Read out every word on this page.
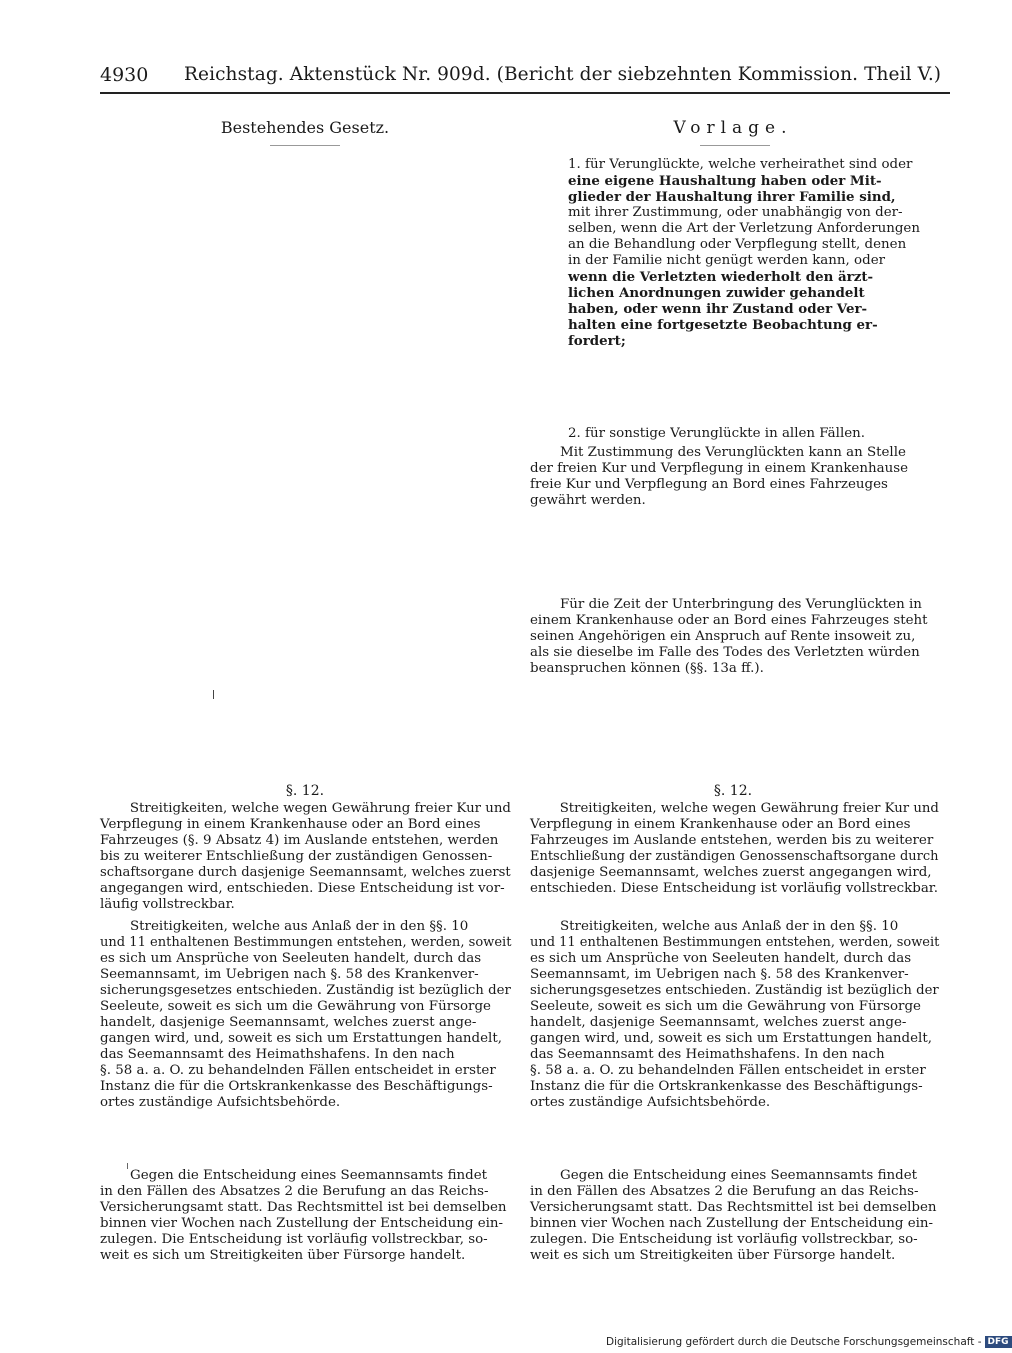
4930 Reichstag. Aktenstück Nr. 909d. (Bericht der siebzehnten Kommission. Theil V.)
Bestehendes Gesetz.	Vorlage.
1. für Verunglückte, welche verheirathet sind oder
eine eigene Haushaltung haben oder Mit-
glieder der Haushaltung ihrer Familie sind,
mit ihrer Zustimmung, oder unabhängig von der-
selben, wenn die Art der Verletzung Anforderungen
an die Behandlung oder Verpflegung stellt, denen
in der Familie nicht genügt werden kann, oder
wenn die Verletzten wiederholt den ärzt-
lichen Anordnungen zuwider gehandelt
haben, oder wenn ihr Zustand oder Ver-
halten eine fortgesetzte Beobachtung er-
fordert;
2. für sonstige Verunglückte in allen Fällen.
Mit Zustimmung des Verunglückten kann an Stelle
der freien Kur und Verpflegung in einem Krankenhause
freie Kur und Verpflegung an Bord eines Fahrzeuges
gewährt werden.
Für die Zeit der Unterbringung des Verunglückten in
einem Krankenhause oder an Bord eines Fahrzeuges steht
seinen Angehörigen ein Anspruch auf Rente insoweit zu,
als sie dieselbe im Falle des Todes des Verletzten würden
beanspruchen können (§§. 13a ff.).
§. 12.	§. 12.
Streitigkeiten, welche wegen Gewährung freier Kur und
Verpflegung in einem Krankenhause oder an Bord eines
Fahrzeuges (§. 9 Absatz 4) im Auslande entstehen, werden
bis zu weiterer Entschließung der zuständigen Genossen-
schaftsorgane durch dasjenige Seemannsamt, welches zuerst
angegangen wird, entschieden. Diese Entscheidung ist vor-
läufig vollstreckbar.
Streitigkeiten, welche aus Anlaß der in den §§. 10
und 11 enthaltenen Bestimmungen entstehen, werden, soweit
es sich um Ansprüche von Seeleuten handelt, durch das
Seemannsamt, im Uebrigen nach §. 58 des Krankenver-
sicherungsgesetzes entschieden. Zuständig ist bezüglich der
Seeleute, soweit es sich um die Gewährung von Fürsorge
handelt, dasjenige Seemannsamt, welches zuerst ange-
gangen wird, und, soweit es sich um Erstattungen handelt,
das Seemannsamt des Heimathshafens. In den nach
§. 58 a. a. O. zu behandelnden Fällen entscheidet in erster
Instanz die für die Ortskrankenkasse des Beschäftigungs-
ortes zuständige Aufsichtsbehörde.
Gegen die Entscheidung eines Seemannsamts findet
in den Fällen des Absatzes 2 die Berufung an das Reichs-
Versicherungsamt statt. Das Rechtsmittel ist bei demselben
binnen vier Wochen nach Zustellung der Entscheidung ein-
zulegen. Die Entscheidung ist vorläufig vollstreckbar, so-
weit es sich um Streitigkeiten über Fürsorge handelt.
Streitigkeiten, welche wegen Gewährung freier Kur und
Verpflegung in einem Krankenhause oder an Bord eines
Fahrzeuges im Auslande entstehen, werden bis zu weiterer
Entschließung der zuständigen Genossenschaftsorgane durch
dasjenige Seemannsamt, welches zuerst angegangen wird,
entschieden. Diese Entscheidung ist vorläufig vollstreckbar.
Streitigkeiten, welche aus Anlaß der in den §§. 10
und 11 enthaltenen Bestimmungen entstehen, werden, soweit
es sich um Ansprüche von Seeleuten handelt, durch das
Seemannsamt, im Uebrigen nach §. 58 des Krankenver-
sicherungsgesetzes entschieden. Zuständig ist bezüglich der
Seeleute, soweit es sich um die Gewährung von Fürsorge
handelt, dasjenige Seemannsamt, welches zuerst ange-
gangen wird, und, soweit es sich um Erstattungen handelt,
das Seemannsamt des Heimathshafens. In den nach
§. 58 a. a. O. zu behandelnden Fällen entscheidet in erster
Instanz die für die Ortskrankenkasse des Beschäftigungs-
ortes zuständige Aufsichtsbehörde.
Gegen die Entscheidung eines Seemannsamts findet
in den Fällen des Absatzes 2 die Berufung an das Reichs-
Versicherungsamt statt. Das Rechtsmittel ist bei demselben
binnen vier Wochen nach Zustellung der Entscheidung ein-
zulegen. Die Entscheidung ist vorläufig vollstreckbar, so-
weit es sich um Streitigkeiten über Fürsorge handelt.
Digitalisierung gefördert durch die Deutsche Forschungsgemeinschaft - DFG
